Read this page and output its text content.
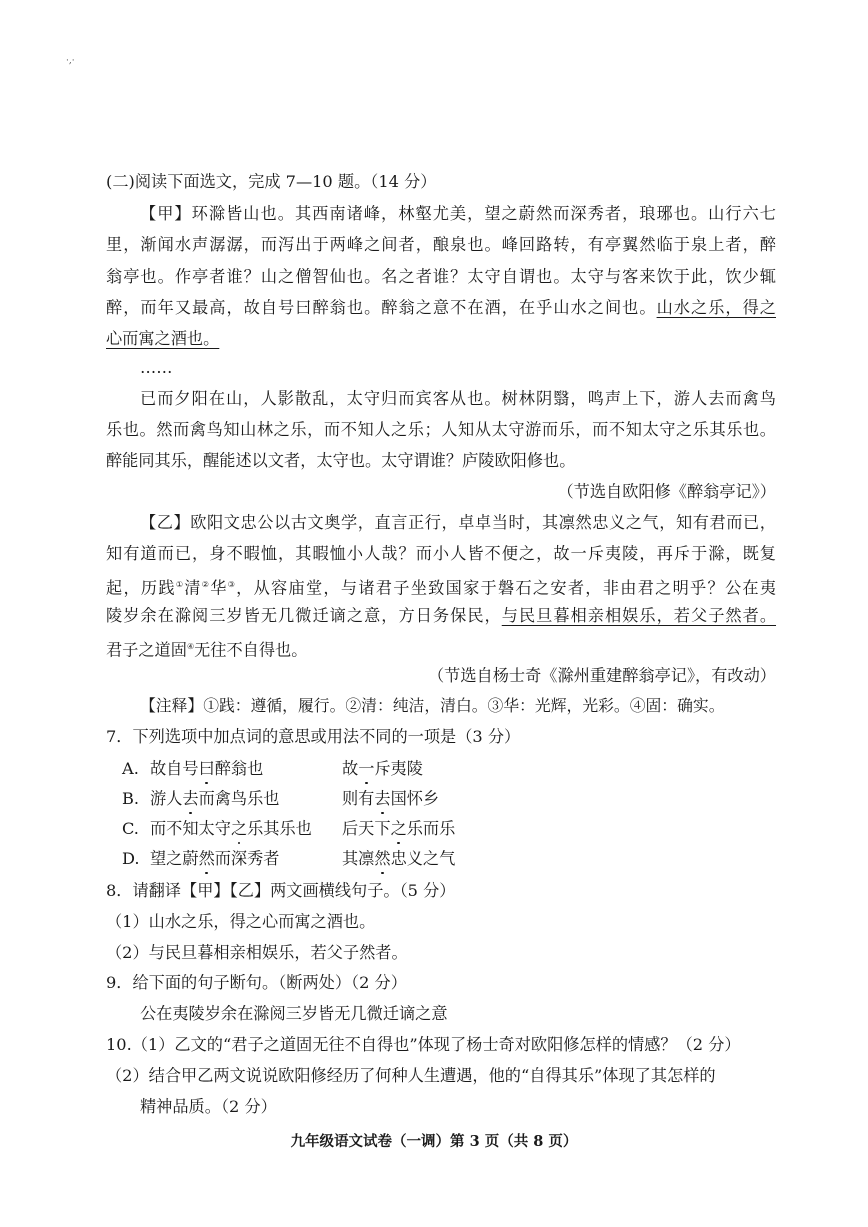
·,·
(二)阅读下面选文，完成 7—10 题。（14 分）
【甲】环滁皆山也。其西南诸峰，林壑尤美，望之蔚然而深秀者，琅琊也。山行六七
里，渐闻水声潺潺，而泻出于两峰之间者，酿泉也。峰回路转，有亭翼然临于泉上者，醉
翁亭也。作亭者谁？山之僧智仙也。名之者谁？太守自谓也。太守与客来饮于此，饮少辄
醉，而年又最高，故自号曰醉翁也。醉翁之意不在酒，在乎山水之间也。山水之乐，得之
心而寓之酒也。
……
已而夕阳在山，人影散乱，太守归而宾客从也。树林阴翳，鸣声上下，游人去而禽鸟
乐也。然而禽鸟知山林之乐，而不知人之乐；人知从太守游而乐，而不知太守之乐其乐也。
醉能同其乐，醒能述以文者，太守也。太守谓谁？庐陵欧阳修也。
（节选自欧阳修《醉翁亭记》）
【乙】欧阳文忠公以古文奥学，直言正行，卓卓当时，其凛然忠义之气，知有君而已，
知有道而已，身不暇恤，其暇恤小人哉？而小人皆不便之，故一斥夷陵，再斥于滁，既复
起，历践①清②华③，从容庙堂，与诸君子坐致国家于磐石之安者，非由君之明乎？公在夷
陵岁余在滁阅三岁皆无几微迁谪之意，方日务保民，与民旦暮相亲相娱乐，若父子然者。
君子之道固④无往不自得也。
（节选自杨士奇《滁州重建醉翁亭记》，有改动）
【注释】①践：遵循，履行。②清：纯洁，清白。③华：光辉，光彩。④固：确实。
7．下列选项中加点词的意思或用法不同的一项是（3 分）
A. 故自号曰醉翁也	故一斥夷陵
B. 游人去而禽鸟乐也	则有去国怀乡
C. 而不知太守之乐其乐也 后天下之乐而乐
D. 望之蔚然而深秀者	其凛然忠义之气
8．请翻译【甲】【乙】两文画横线句子。（5 分）
（1）山水之乐，得之心而寓之酒也。
（2）与民旦暮相亲相娱乐，若父子然者。
9．给下面的句子断句。（断两处）（2 分）
公在夷陵岁余在滁阅三岁皆无几微迁谪之意
10.（1）乙文的“君子之道固无往不自得也”体现了杨士奇对欧阳修怎样的情感？（2 分）
（2）结合甲乙两文说说欧阳修经历了何种人生遭遇，他的“自得其乐”体现了其怎样的
精神品质。（2 分）
九年级语文试卷（一调）第 3 页（共 8 页）
